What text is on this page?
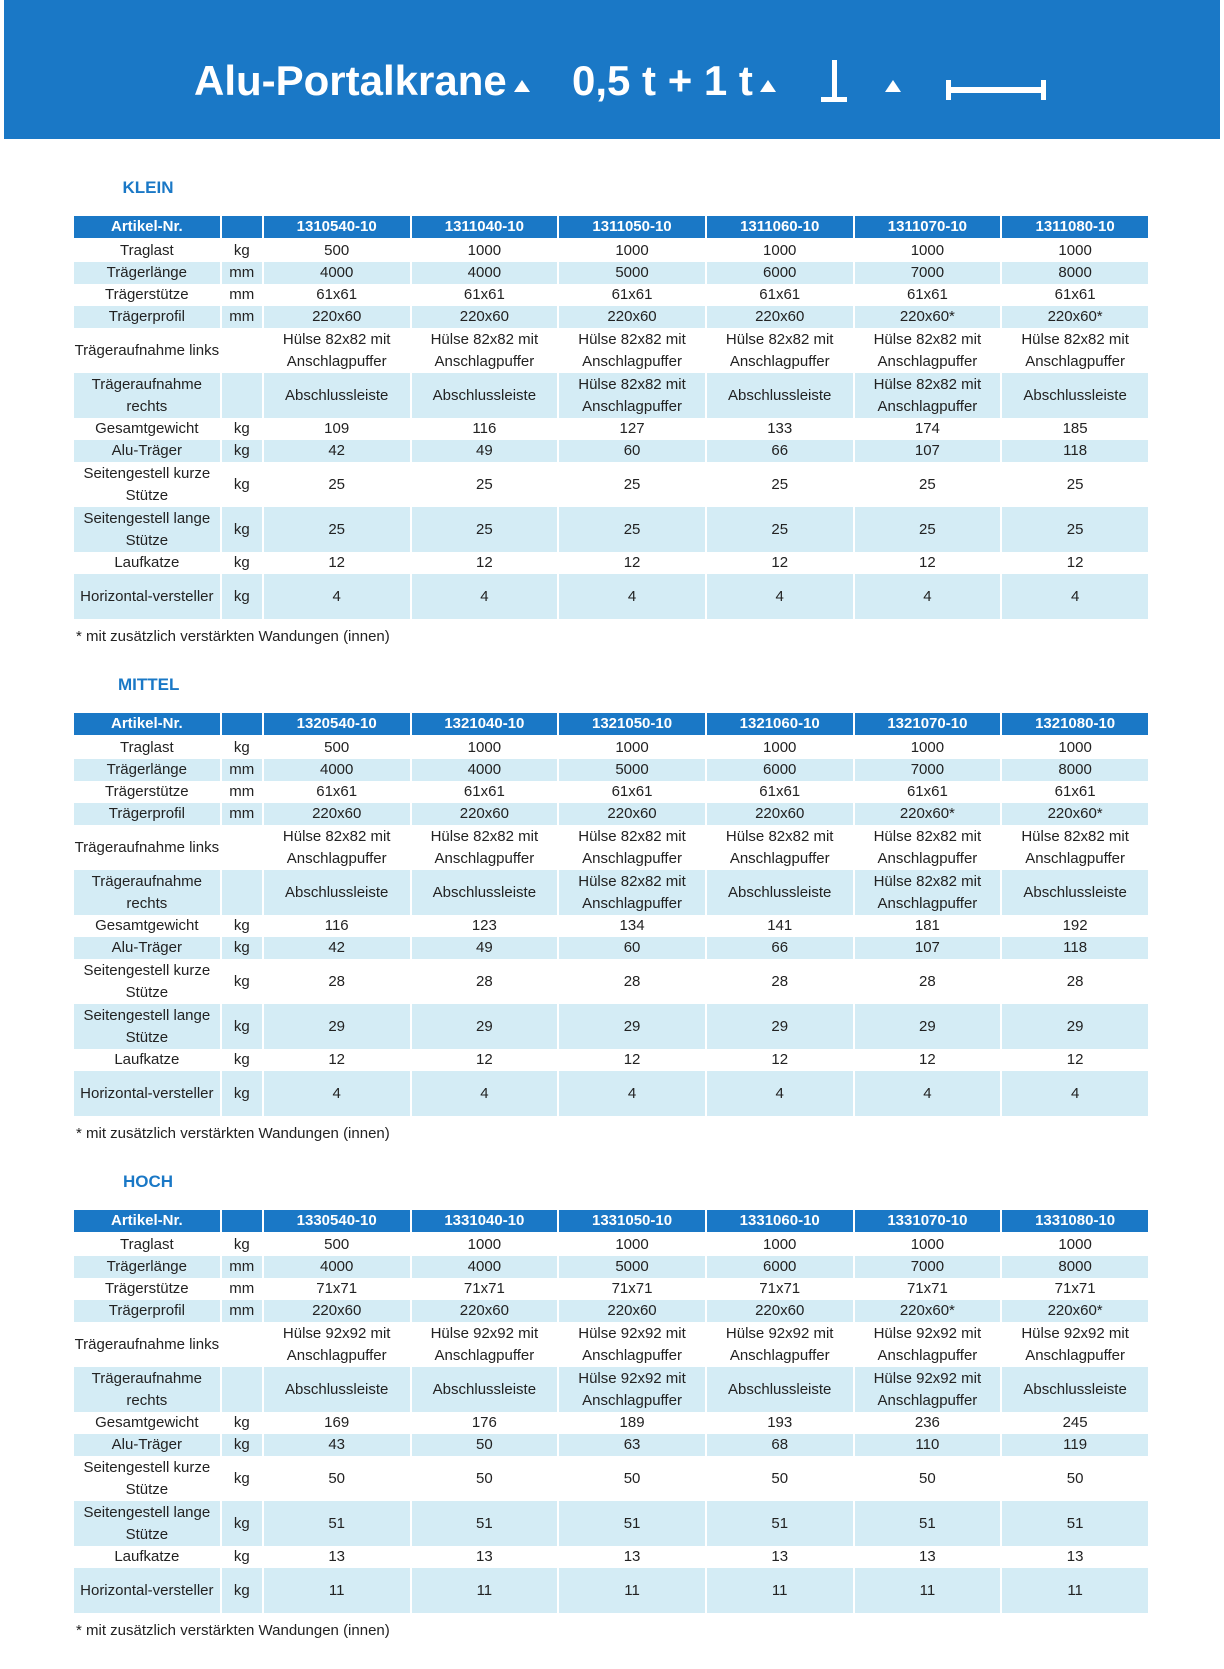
Alu-Portalkrane 0,5 t + 1 t
KLEIN
Artikel-Nr.		1310540-10	1311040-10	1311050-10	1311060-10	1311070-10	1311080-10
Traglast	kg	500	1000	1000	1000	1000	1000
Trägerlänge	mm	4000	4000	5000	6000	7000	8000
Trägerstütze	mm	61x61	61x61	61x61	61x61	61x61	61x61
Trägerprofil	mm	220x60	220x60	220x60	220x60	220x60*	220x60*
Trägeraufnahme links		Hülse 82x82 mit Anschlagpuffer	Hülse 82x82 mit Anschlagpuffer	Hülse 82x82 mit Anschlagpuffer	Hülse 82x82 mit Anschlagpuffer	Hülse 82x82 mit Anschlagpuffer	Hülse 82x82 mit Anschlagpuffer
Trägeraufnahme rechts		Abschlussleiste	Abschlussleiste	Hülse 82x82 mit Anschlagpuffer	Abschlussleiste	Hülse 82x82 mit Anschlagpuffer	Abschlussleiste
Gesamtgewicht	kg	109	116	127	133	174	185
Alu-Träger	kg	42	49	60	66	107	118
Seitengestell kurze Stütze	kg	25	25	25	25	25	25
Seitengestell lange Stütze	kg	25	25	25	25	25	25
Laufkatze	kg	12	12	12	12	12	12
Horizontal-versteller	kg	4	4	4	4	4	4
* mit zusätzlich verstärkten Wandungen (innen)
MITTEL
Artikel-Nr.		1320540-10	1321040-10	1321050-10	1321060-10	1321070-10	1321080-10
Traglast	kg	500	1000	1000	1000	1000	1000
Trägerlänge	mm	4000	4000	5000	6000	7000	8000
Trägerstütze	mm	61x61	61x61	61x61	61x61	61x61	61x61
Trägerprofil	mm	220x60	220x60	220x60	220x60	220x60*	220x60*
Trägeraufnahme links		Hülse 82x82 mit Anschlagpuffer	Hülse 82x82 mit Anschlagpuffer	Hülse 82x82 mit Anschlagpuffer	Hülse 82x82 mit Anschlagpuffer	Hülse 82x82 mit Anschlagpuffer	Hülse 82x82 mit Anschlagpuffer
Trägeraufnahme rechts		Abschlussleiste	Abschlussleiste	Hülse 82x82 mit Anschlagpuffer	Abschlussleiste	Hülse 82x82 mit Anschlagpuffer	Abschlussleiste
Gesamtgewicht	kg	116	123	134	141	181	192
Alu-Träger	kg	42	49	60	66	107	118
Seitengestell kurze Stütze	kg	28	28	28	28	28	28
Seitengestell lange Stütze	kg	29	29	29	29	29	29
Laufkatze	kg	12	12	12	12	12	12
Horizontal-versteller	kg	4	4	4	4	4	4
* mit zusätzlich verstärkten Wandungen (innen)
HOCH
Artikel-Nr.		1330540-10	1331040-10	1331050-10	1331060-10	1331070-10	1331080-10
Traglast	kg	500	1000	1000	1000	1000	1000
Trägerlänge	mm	4000	4000	5000	6000	7000	8000
Trägerstütze	mm	71x71	71x71	71x71	71x71	71x71	71x71
Trägerprofil	mm	220x60	220x60	220x60	220x60	220x60*	220x60*
Trägeraufnahme links		Hülse 92x92 mit Anschlagpuffer	Hülse 92x92 mit Anschlagpuffer	Hülse 92x92 mit Anschlagpuffer	Hülse 92x92 mit Anschlagpuffer	Hülse 92x92 mit Anschlagpuffer	Hülse 92x92 mit Anschlagpuffer
Trägeraufnahme rechts		Abschlussleiste	Abschlussleiste	Hülse 92x92 mit Anschlagpuffer	Abschlussleiste	Hülse 92x92 mit Anschlagpuffer	Abschlussleiste
Gesamtgewicht	kg	169	176	189	193	236	245
Alu-Träger	kg	43	50	63	68	110	119
Seitengestell kurze Stütze	kg	50	50	50	50	50	50
Seitengestell lange Stütze	kg	51	51	51	51	51	51
Laufkatze	kg	13	13	13	13	13	13
Horizontal-versteller	kg	11	11	11	11	11	11
* mit zusätzlich verstärkten Wandungen (innen)
